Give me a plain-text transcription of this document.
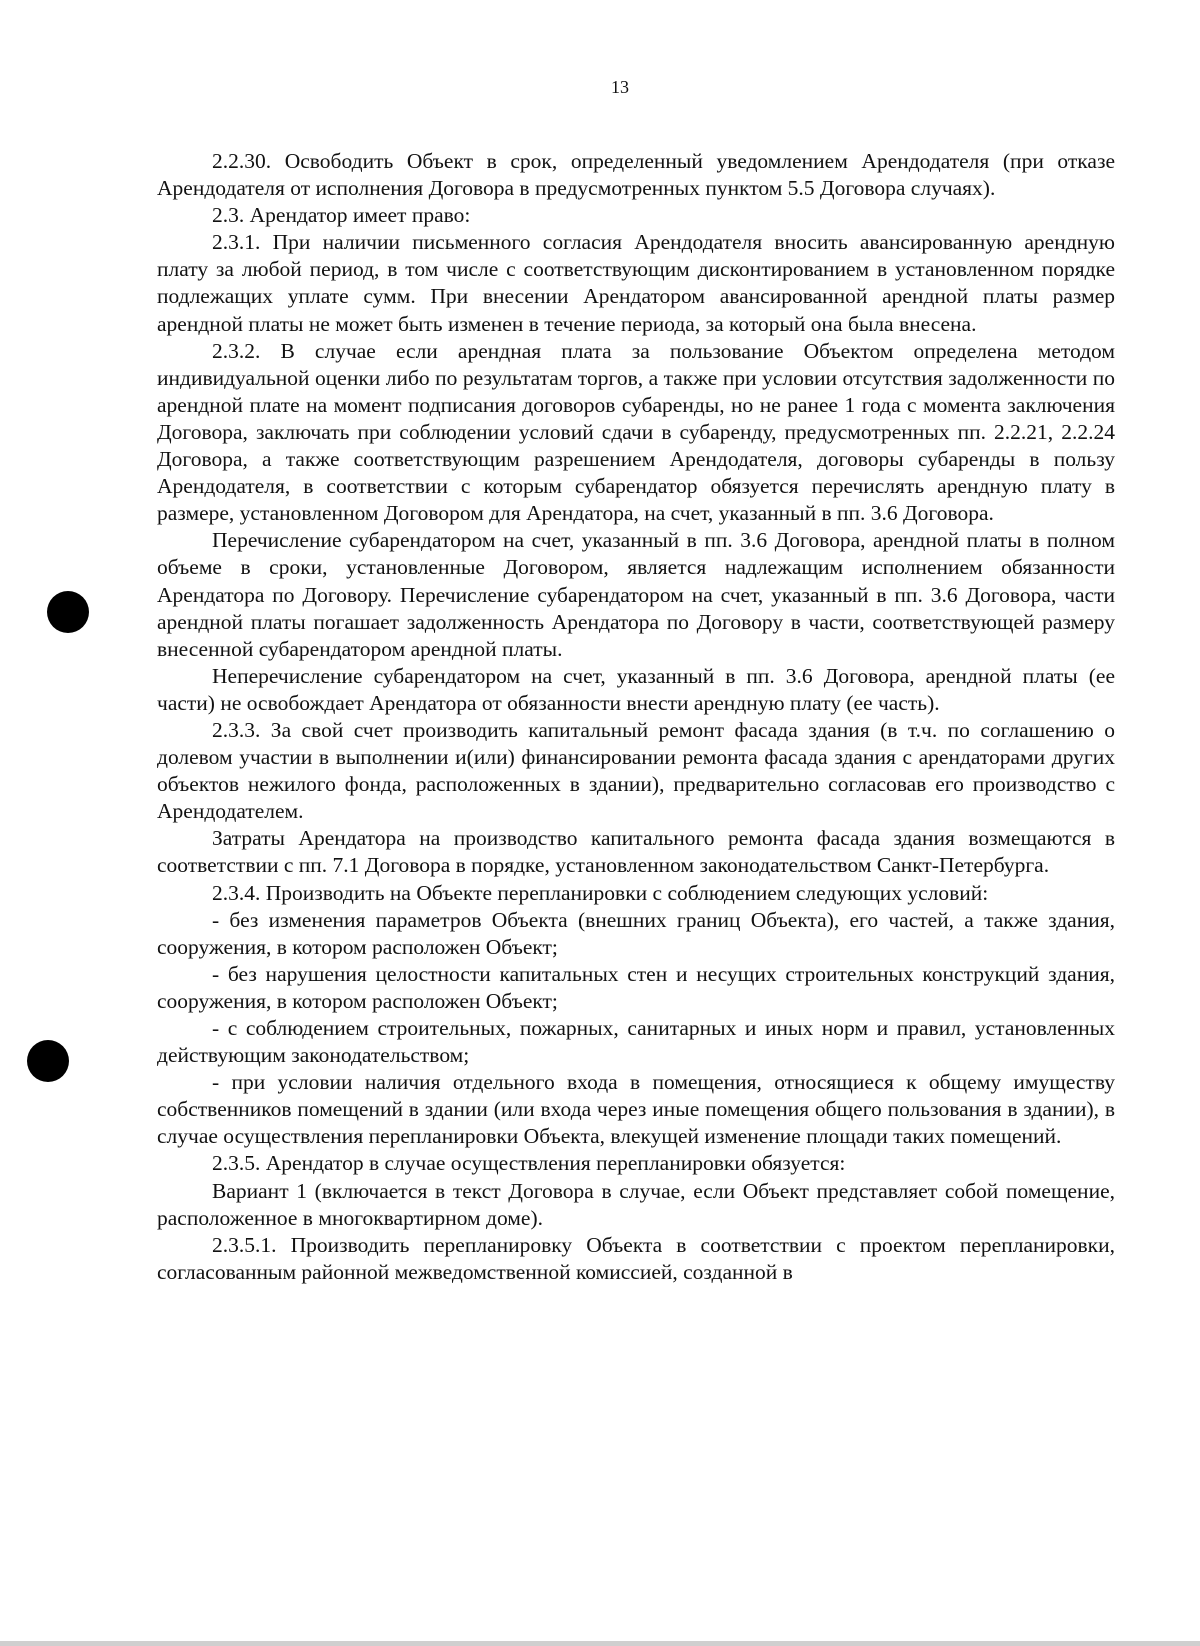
13

2.2.30. Освободить Объект в срок, определенный уведомлением Арендодателя (при отказе Арендодателя от исполнения Договора в предусмотренных пунктом 5.5 Договора случаях).

2.3. Арендатор имеет право:

2.3.1. При наличии письменного согласия Арендодателя вносить авансированную арендную плату за любой период, в том числе с соответствующим дисконтированием в установленном порядке подлежащих уплате сумм. При внесении Арендатором авансированной арендной платы размер арендной платы не может быть изменен в течение периода, за который она была внесена.

2.3.2. В случае если арендная плата за пользование Объектом определена методом индивидуальной оценки либо по результатам торгов, а также при условии отсутствия задолженности по арендной плате на момент подписания договоров субаренды, но не ранее 1 года с момента заключения Договора, заключать при соблюдении условий сдачи в субаренду, предусмотренных пп. 2.2.21, 2.2.24 Договора, а также соответствующим разрешением Арендодателя, договоры субаренды в пользу Арендодателя, в соответствии с которым субарендатор обязуется перечислять арендную плату в размере, установленном Договором для Арендатора, на счет, указанный в пп. 3.6 Договора.

Перечисление субарендатором на счет, указанный в пп. 3.6 Договора, арендной платы в полном объеме в сроки, установленные Договором, является надлежащим исполнением обязанности Арендатора по Договору. Перечисление субарендатором на счет, указанный в пп. 3.6 Договора, части арендной платы погашает задолженность Арендатора по Договору в части, соответствующей размеру внесенной субарендатором арендной платы.

Неперечисление субарендатором на счет, указанный в пп. 3.6 Договора, арендной платы (ее части) не освобождает Арендатора от обязанности внести арендную плату (ее часть).

2.3.3. За свой счет производить капитальный ремонт фасада здания (в т.ч. по соглашению о долевом участии в выполнении и(или) финансировании ремонта фасада здания с арендаторами других объектов нежилого фонда, расположенных в здании), предварительно согласовав его производство с Арендодателем.

Затраты Арендатора на производство капитального ремонта фасада здания возмещаются в соответствии с пп. 7.1 Договора в порядке, установленном законодательством Санкт-Петербурга.

2.3.4. Производить на Объекте перепланировки с соблюдением следующих условий:

- без изменения параметров Объекта (внешних границ Объекта), его частей, а также здания, сооружения, в котором расположен Объект;

- без нарушения целостности капитальных стен и несущих строительных конструкций здания, сооружения, в котором расположен Объект;

- с соблюдением строительных, пожарных, санитарных и иных норм и правил, установленных действующим законодательством;

- при условии наличия отдельного входа в помещения, относящиеся к общему имуществу собственников помещений в здании (или входа через иные помещения общего пользования в здании), в случае осуществления перепланировки Объекта, влекущей изменение площади таких помещений.

2.3.5. Арендатор в случае осуществления перепланировки обязуется:

Вариант 1 (включается в текст Договора в случае, если Объект представляет собой помещение, расположенное в многоквартирном доме).

2.3.5.1. Производить перепланировку Объекта в соответствии с проектом перепланировки, согласованным районной межведомственной комиссией, созданной в
